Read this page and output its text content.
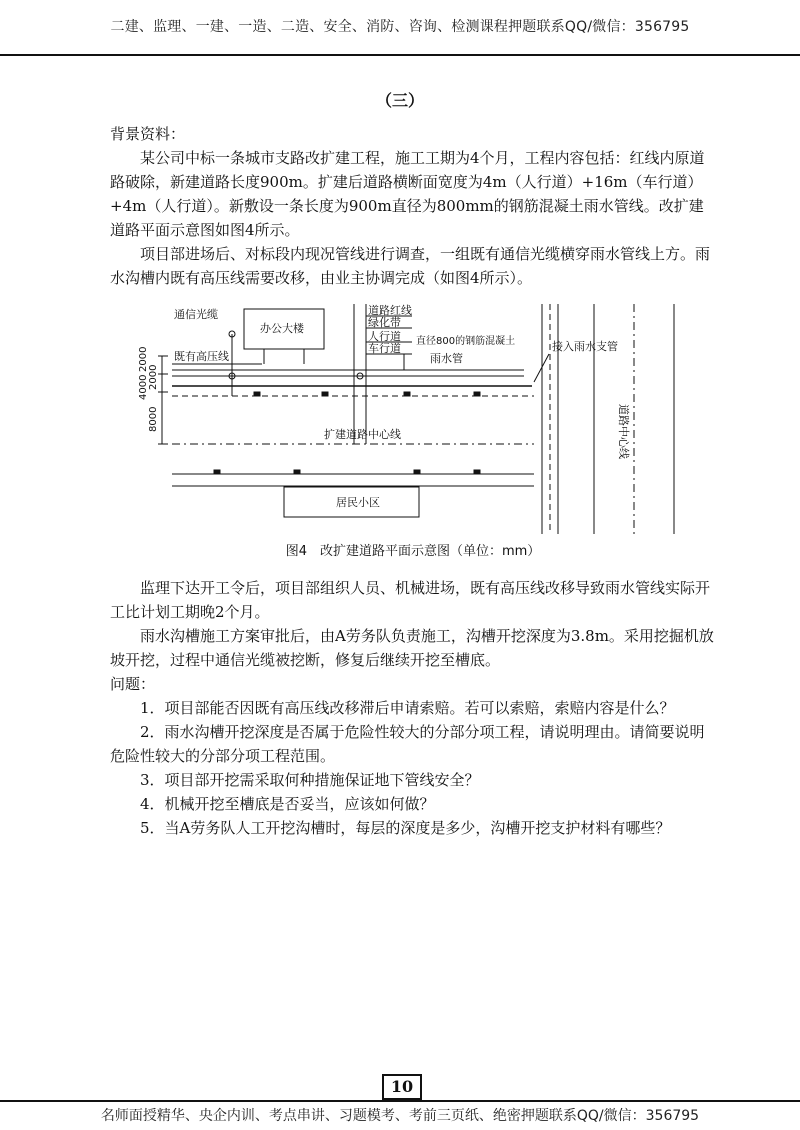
二建、监理、一建、一造、二造、安全、消防、咨询、检测课程押题联系QQ/微信：356795
（三）

背景资料：

某公司中标一条城市支路改扩建工程，施工工期为4个月，工程内容包括：红线内原道路破除，新建道路长度900m。扩建后道路横断面宽度为4m（人行道）+16m（车行道）+4m（人行道）。新敷设一条长度为900m直径为800mm的钢筋混凝土雨水管线。改扩建道路平面示意图如图4所示。

项目部进场后、对标段内现况管线进行调查，一组既有通信光缆横穿雨水管线上方。雨水沟槽内既有高压线需要改移，由业主协调完成（如图4所示）。

通信光缆
办公大楼
既有高压线
道路红线
绿化带
人行道
车行道
直径800的钢筋混凝土
雨水管
接入雨水支管
扩建道路中心线
居民小区
2000
2000
4000
8000	道路中心线
图4　改扩建道路平面示意图（单位：mm）

监理下达开工令后，项目部组织人员、机械进场，既有高压线改移导致雨水管线实际开工比计划工期晚2个月。

雨水沟槽施工方案审批后，由A劳务队负责施工，沟槽开挖深度为3.8m。采用挖掘机放坡开挖，过程中通信光缆被挖断，修复后继续开挖至槽底。

问题：

1．项目部能否因既有高压线改移滞后申请索赔。若可以索赔，索赔内容是什么？

2．雨水沟槽开挖深度是否属于危险性较大的分部分项工程，请说明理由。请简要说明危险性较大的分部分项工程范围。

3．项目部开挖需采取何种措施保证地下管线安全？

4．机械开挖至槽底是否妥当，应该如何做？

5．当A劳务队人工开挖沟槽时，每层的深度是多少，沟槽开挖支护材料有哪些？

10
名师面授精华、央企内训、考点串讲、习题模考、考前三页纸、绝密押题联系QQ/微信：356795
